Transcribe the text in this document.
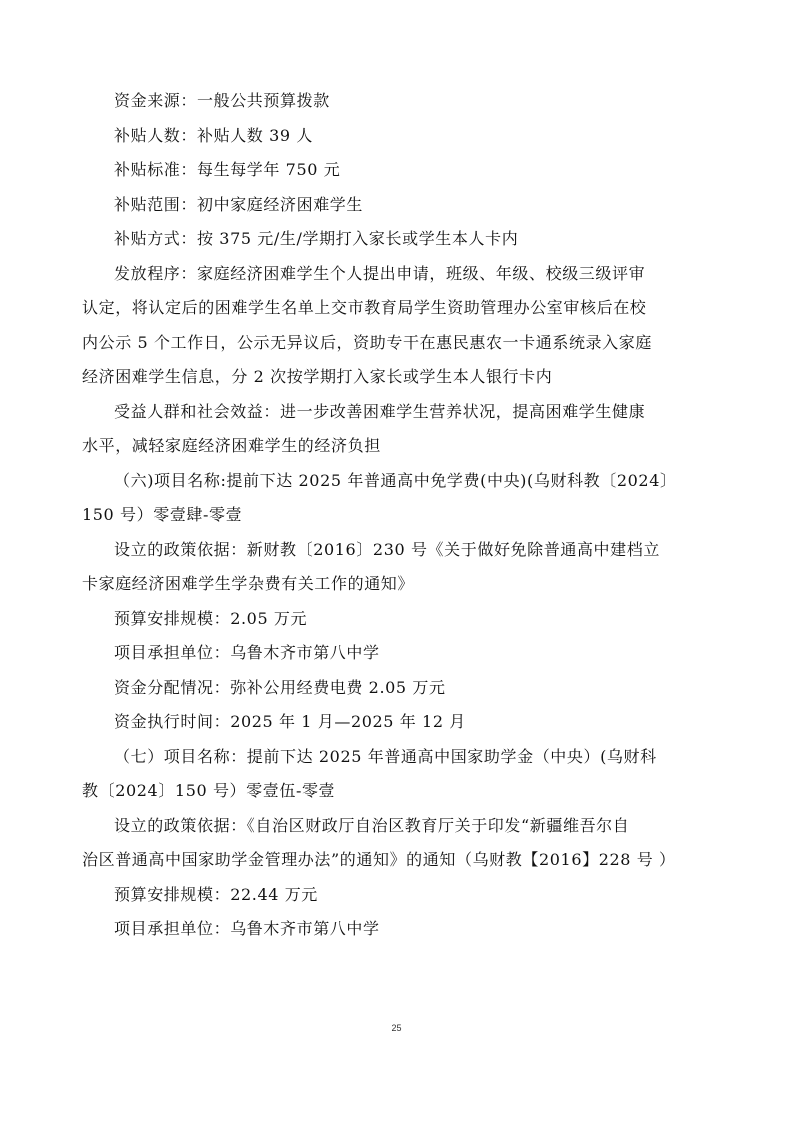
资金来源：一般公共预算拨款

补贴人数：补贴人数 39 人

补贴标准：每生每学年 750 元

补贴范围：初中家庭经济困难学生

补贴方式：按 375 元/生/学期打入家长或学生本人卡内

发放程序：家庭经济困难学生个人提出申请，班级、年级、校级三级评审
认定，将认定后的困难学生名单上交市教育局学生资助管理办公室审核后在校
内公示 5 个工作日，公示无异议后，资助专干在惠民惠农一卡通系统录入家庭
经济困难学生信息，分 2 次按学期打入家长或学生本人银行卡内
受益人群和社会效益：进一步改善困难学生营养状况，提高困难学生健康
水平，减轻家庭经济困难学生的经济负担
（六)项目名称:提前下达 2025 年普通高中免学费(中央)(乌财科教〔2024〕
150 号）零壹肆-零壹
设立的政策依据：新财教〔2016〕230 号《关于做好免除普通高中建档立
卡家庭经济困难学生学杂费有关工作的通知》

预算安排规模：2.05 万元

项目承担单位：乌鲁木齐市第八中学

资金分配情况：弥补公用经费电费 2.05 万元

资金执行时间：2025 年 1 月—2025 年 12 月

（七）项目名称：提前下达 2025 年普通高中国家助学金（中央）(乌财科
教〔2024〕150 号）零壹伍-零壹
设立的政策依据：《自治区财政厅自治区教育厅关于印发“新疆维吾尔自
治区普通高中国家助学金管理办法”的通知》的通知（乌财教【2016】228 号 ）

预算安排规模：22.44 万元

项目承担单位：乌鲁木齐市第八中学

25
